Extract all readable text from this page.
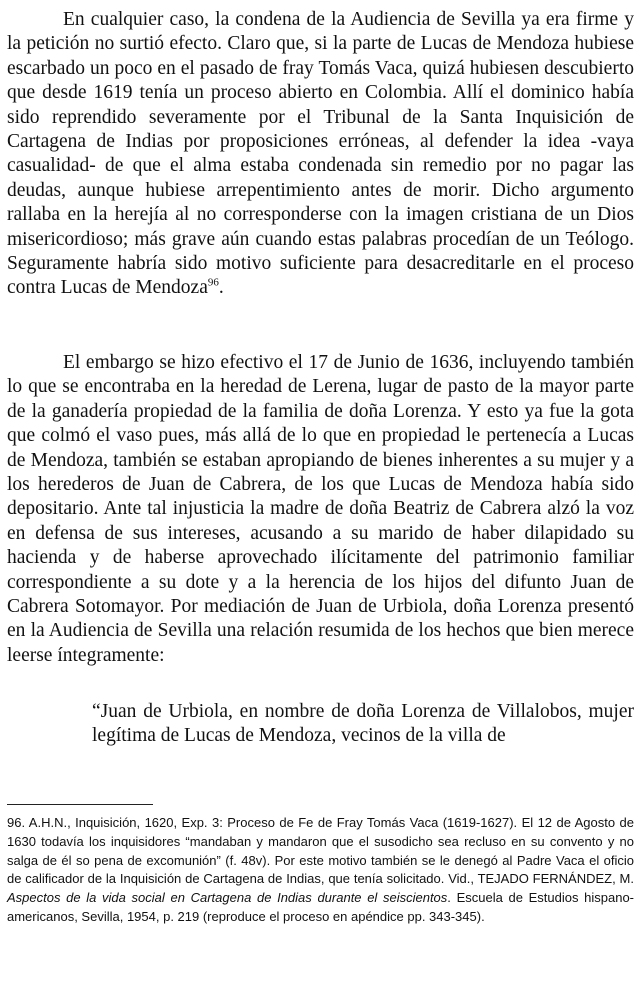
En cualquier caso, la condena de la Audiencia de Sevilla ya era firme y la petición no surtió efecto. Claro que, si la parte de Lucas de Mendoza hubiese escarbado un poco en el pasado de fray Tomás Vaca, quizá hubiesen descubierto que desde 1619 tenía un proceso abierto en Colombia. Allí el dominico había sido reprendido severamente por el Tribunal de la Santa Inquisición de Cartagena de Indias por proposiciones erróneas, al defender la idea -vaya casualidad- de que el alma estaba condenada sin remedio por no pagar las deudas, aunque hubiese arrepentimiento antes de morir. Dicho argumento rallaba en la herejía al no corresponderse con la imagen cristiana de un Dios misericordioso; más grave aún cuando estas palabras procedían de un Teólogo. Seguramente habría sido motivo suficiente para desacreditarle en el proceso contra Lucas de Mendoza$^{96}$.

El embargo se hizo efectivo el 17 de Junio de 1636, incluyendo también lo que se encontraba en la heredad de Lerena, lugar de pasto de la mayor parte de la ganadería propiedad de la familia de doña Lorenza. Y esto ya fue la gota que colmó el vaso pues, más allá de lo que en propiedad le pertenecía a Lucas de Mendoza, también se estaban apropiando de bienes inherentes a su mujer y a los herederos de Juan de Cabrera, de los que Lucas de Mendoza había sido depositario. Ante tal injusticia la madre de doña Beatriz de Cabrera alzó la voz en defensa de sus intereses, acusando a su marido de haber dilapidado su hacienda y de haberse aprovechado ilícitamente del patrimonio familiar correspondiente a su dote y a la herencia de los hijos del difunto Juan de Cabrera Sotomayor. Por mediación de Juan de Urbiola, doña Lorenza presentó en la Audiencia de Sevilla una relación resumida de los hechos que bien merece leerse íntegramente:

“Juan de Urbiola, en nombre de doña Lorenza de Villalobos, mujer legítima de Lucas de Mendoza, vecinos de la villa de

96. A.H.N., Inquisición, 1620, Exp. 3: Proceso de Fe de Fray Tomás Vaca (1619-1627). El 12 de Agosto de 1630 todavía los inquisidores “mandaban y mandaron que el susodicho sea recluso en su convento y no salga de él so pena de excomunión” (f. 48v). Por este motivo también se le denegó al Padre Vaca el oficio de calificador de la Inquisición de Cartagena de Indias, que tenía solicitado. Vid., TEJADO FERNÁNDEZ, M. Aspectos de la vida social en Cartagena de Indias durante el seiscientos. Escuela de Estudios hispano-americanos, Sevilla, 1954, p. 219 (reproduce el proceso en apéndice pp. 343-345).
